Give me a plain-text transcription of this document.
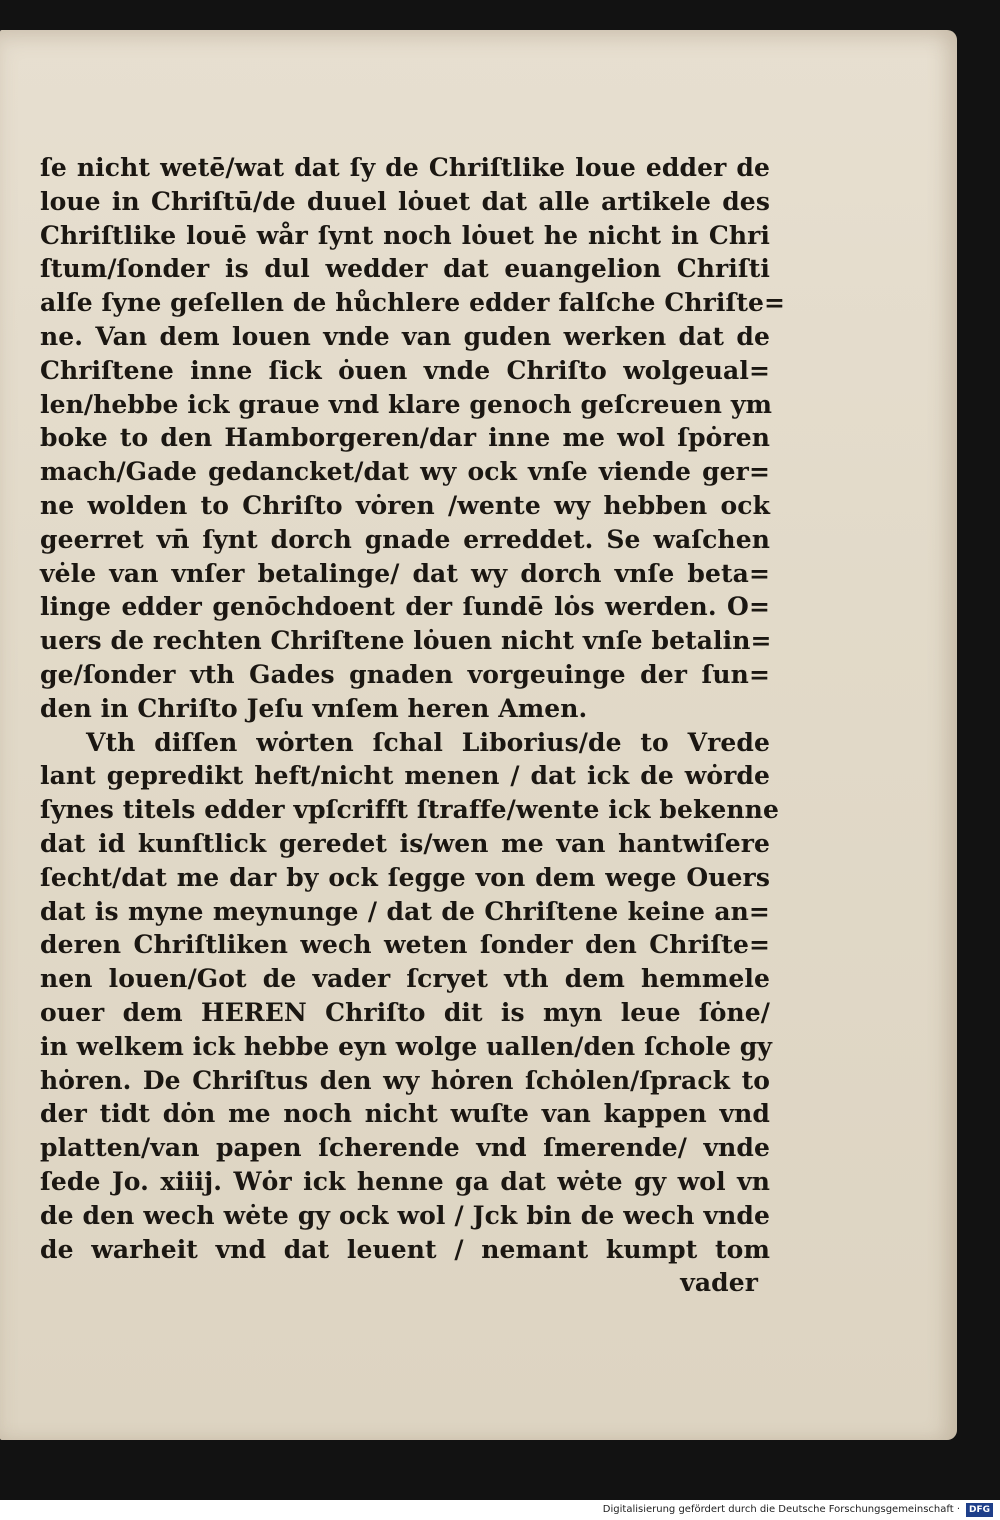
ſe nicht wetē/wat dat ſy de Chriſtlike loue edder de
loue in Chriſtū/de duuel lȯuet dat alle artikele des
Chriſtlike louē wår ſynt noch lȯuet he nicht in Chri
ſtum/ſonder is dul wedder dat euangelion Chriſti
alſe ſyne geſellen de hůchlere edder falſche Chriſte=
ne. Van dem louen vnde van guden werken dat de
Chriſtene inne ſick ȯuen vnde Chriſto wolgeual=
len/hebbe ick graue vnd klare genoch geſcreuen ym
boke to den Hamborgeren/dar inne me wol ſpȯren
mach/Gade gedancket/dat wy ock vnſe viende ger=
ne wolden to Chriſto vȯren /wente wy hebben ock
geerret vn̄ ſynt dorch gnade erreddet. Se waſchen
vėle van vnſer betalinge/ dat wy dorch vnſe beta=
linge edder genōchdoent der ſundē lȯs werden. O=
uers de rechten Chriſtene lȯuen nicht vnſe betalin=
ge/ſonder vth Gades gnaden vorgeuinge der ſun=
den in Chriſto Jeſu vnſem heren Amen.
Vth diſſen wȯrten ſchal Liborius/de to Vrede
lant gepredikt heft/nicht menen / dat ick de wȯrde
ſynes titels edder vpſcrifft ſtraffe/wente ick bekenne
dat id kunſtlick geredet is/wen me van hantwiſere
ſecht/dat me dar by ock ſegge von dem wege Ouers
dat is myne meynunge / dat de Chriſtene keine an=
deren Chriſtliken wech weten ſonder den Chriſte=
nen louen/Got de vader ſcryet vth dem hemmele
ouer dem HEREN Chriſto dit is myn leue ſȯne/
in welkem ick hebbe eyn wolge uallen/den ſchole gy
hȯren. De Chriſtus den wy hȯren ſchȯlen/ſprack to
der tidt dȯn me noch nicht wuſte van kappen vnd
platten/van papen ſcherende vnd ſmerende/ vnde
ſede Jo. xiiij. Wȯr ick henne ga dat wėte gy wol vn
de den wech wėte gy ock wol / Jck bin de wech vnde
de warheit vnd dat leuent / nemant kumpt tom
vader
Digitalisierung gefördert durch die Deutsche Forschungsgemeinschaft · DFG
